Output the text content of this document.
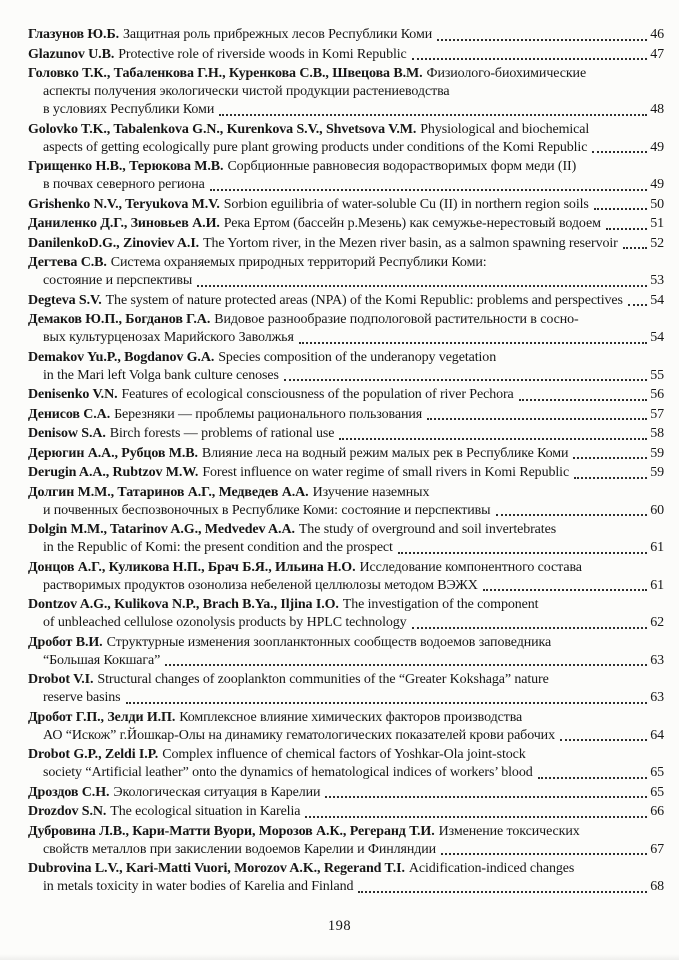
Глазунов Ю.Б. Защитная роль прибрежных лесов Республики Коми	46
Glazunov U.B. Protective role of riverside woods in Komi Republic	47
Головко Т.К., Табаленкова Г.Н., Куренкова С.В., Швецова В.М. Физиолого-биохимические
аспекты получения экологически чистой продукции растениеводства
в условиях Республики Коми	48
Golovko T.K., Tabalenkova G.N., Kurenkova S.V., Shvetsova V.M. Physiological and biochemical
aspects of getting ecologically pure plant growing products under conditions of the Komi Republic	49
Грищенко Н.В., Терюкова М.В. Сорбционные равновесия водорастворимых форм меди (II)
в почвах северного региона	49
Grishenko N.V., Teryukova M.V. Sorbion eguilibria of water-soluble Cu (II) in northern region soils	50
Даниленко Д.Г., Зиновьев А.И. Река Ертом (бассейн р.Мезень) как семужье-нерестовый водоем	51
DanilenkoD.G., Zinoviev A.I. The Yortom river, in the Mezen river basin, as a salmon spawning reservoir 52
Дегтева С.В. Система охраняемых природных территорий Республики Коми:
состояние и перспективы	53
Degteva S.V. The system of nature protected areas (NPA) of the Komi Republic: problems and perspectives 54
Демаков Ю.П., Богданов Г.А. Видовое разнообразие подпологовой растительности в сосно-
вых культурценозах Марийского Заволжья	54
Demakov Yu.P., Bogdanov G.A. Species composition of the underanopy vegetation
in the Mari left Volga bank culture cenoses	55
Denisenko V.N. Features of ecological consciousness of the population of river Pechora	56
Денисов С.А. Березняки — проблемы рационального пользования	57
Denisow S.A. Birch forests — problems of rational use	58
Дерюгин А.А., Рубцов М.В. Влияние леса на водный режим малых рек в Республике Коми	59
Derugin A.A., Rubtzov M.W. Forest influence on water regime of small rivers in Komi Republic	59
Долгин М.М., Татаринов А.Г., Медведев А.А. Изучение наземных
и почвенных беспозвоночных в Республике Коми: состояние и перспективы	60
Dolgin M.M., Tatarinov A.G., Medvedev A.A. The study of overground and soil invertebrates
in the Republic of Komi: the present condition and the prospect	61
Донцов А.Г., Куликова Н.П., Брач Б.Я., Ильина Н.О. Исследование компонентного состава
растворимых продуктов озонолиза небеленой целлюлозы методом ВЭЖХ	61
Dontzov A.G., Kulikova N.P., Brach B.Ya., Iljina I.O. The investigation of the component
of unbleached cellulose ozonolysis products by HPLC technology	62
Дробот В.И. Структурные изменения зоопланктонных сообществ водоемов заповедника
“Большая Кокшага”	63
Drobot V.I. Structural changes of zooplankton communities of the “Greater Kokshaga” nature
reserve basins	63
Дробот Г.П., Зелди И.П. Комплексное влияние химических факторов производства
АО “Искож” г.Йошкар-Олы на динамику гематологических показателей крови рабочих	64
Drobot G.P., Zeldi I.P. Complex influence of chemical factors of Yoshkar-Ola joint-stock
society “Artificial leather” onto the dynamics of hematological indices of workers’ blood	65
Дроздов С.Н. Экологическая ситуация в Карелии	65
Drozdov S.N. The ecological situation in Karelia	66
Дубровина Л.В., Кари-Матти Вуори, Морозов А.К., Регеранд Т.И. Изменение токсических
свойств металлов при закислении водоемов Карелии и Финляндии	67
Dubrovina L.V., Kari-Matti Vuori, Morozov A.K., Regerand T.I. Acidification-indiced changes
in metals toxicity in water bodies of Karelia and Finland	68
198
